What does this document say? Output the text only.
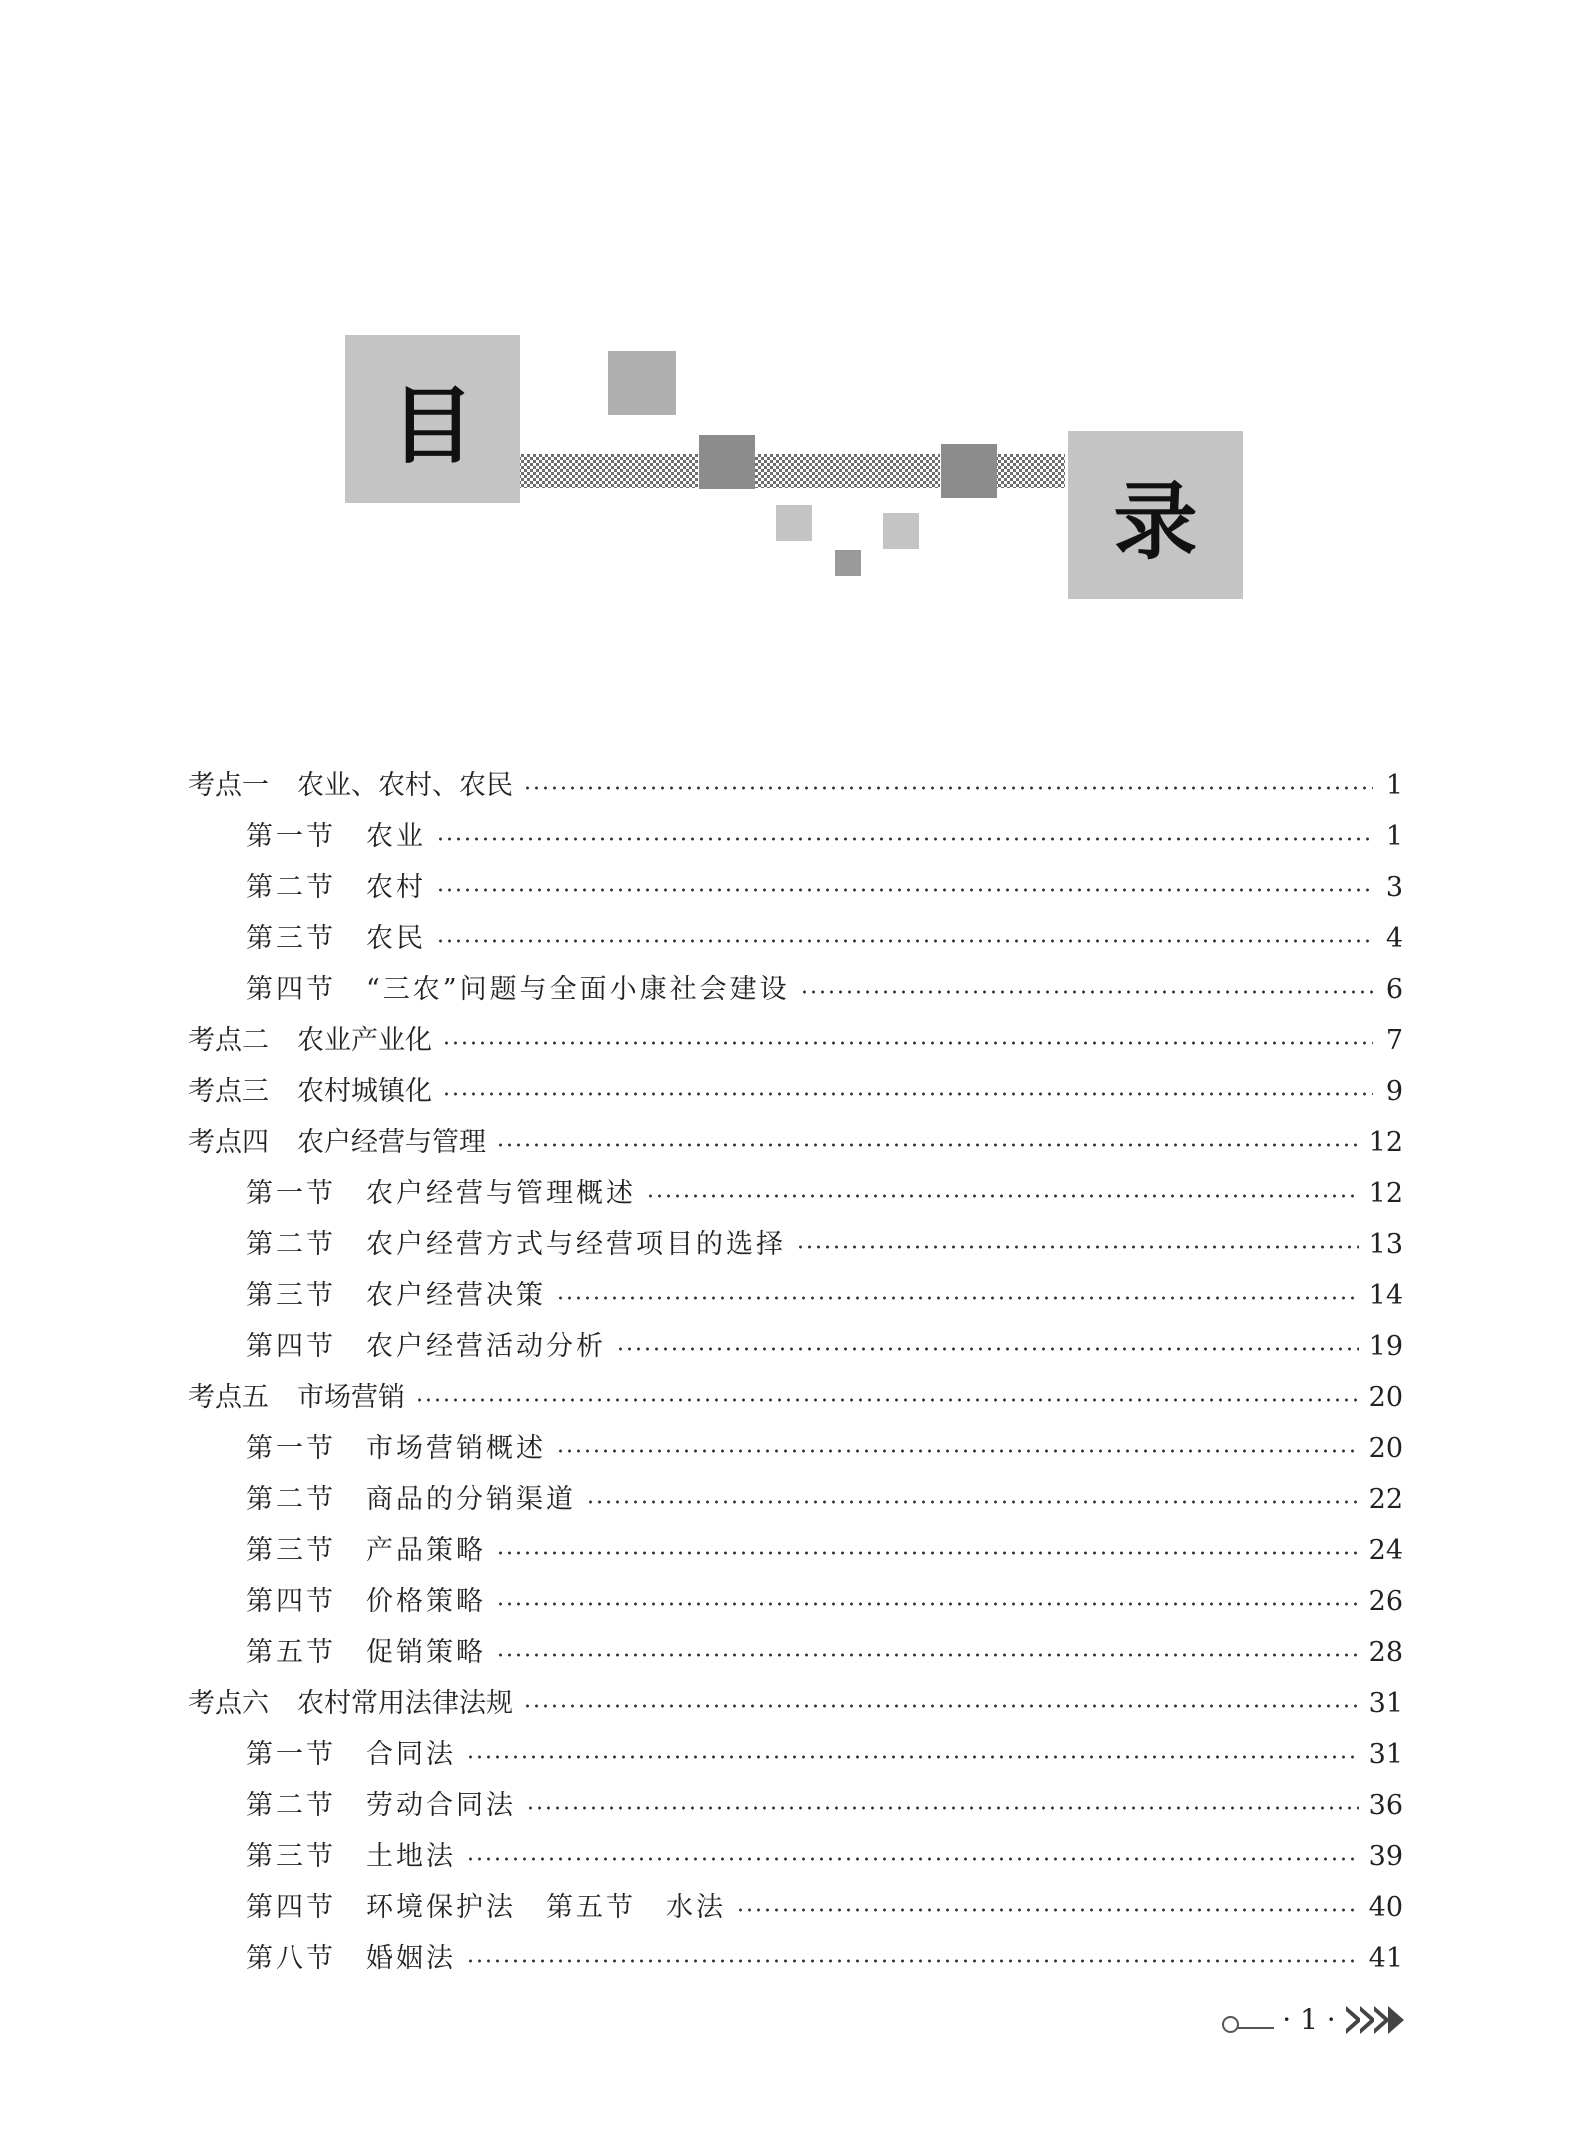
目
录
考点一 农业、农村、农民	1
第一节 农业	1
第二节 农村	3
第三节 农民	4
第四节 “三农”问题与全面小康社会建设	6
考点二 农业产业化	7
考点三 农村城镇化	9
考点四 农户经营与管理	12
第一节 农户经营与管理概述	12
第二节 农户经营方式与经营项目的选择	13
第三节 农户经营决策	14
第四节 农户经营活动分析	19
考点五 市场营销	20
第一节 市场营销概述	20
第二节 商品的分销渠道	22
第三节 产品策略	24
第四节 价格策略	26
第五节 促销策略	28
考点六 农村常用法律法规	31
第一节 合同法	31
第二节 劳动合同法	36
第三节 土地法	39
第四节 环境保护法　第五节　水法	40
第八节 婚姻法	41
· 1 ·
